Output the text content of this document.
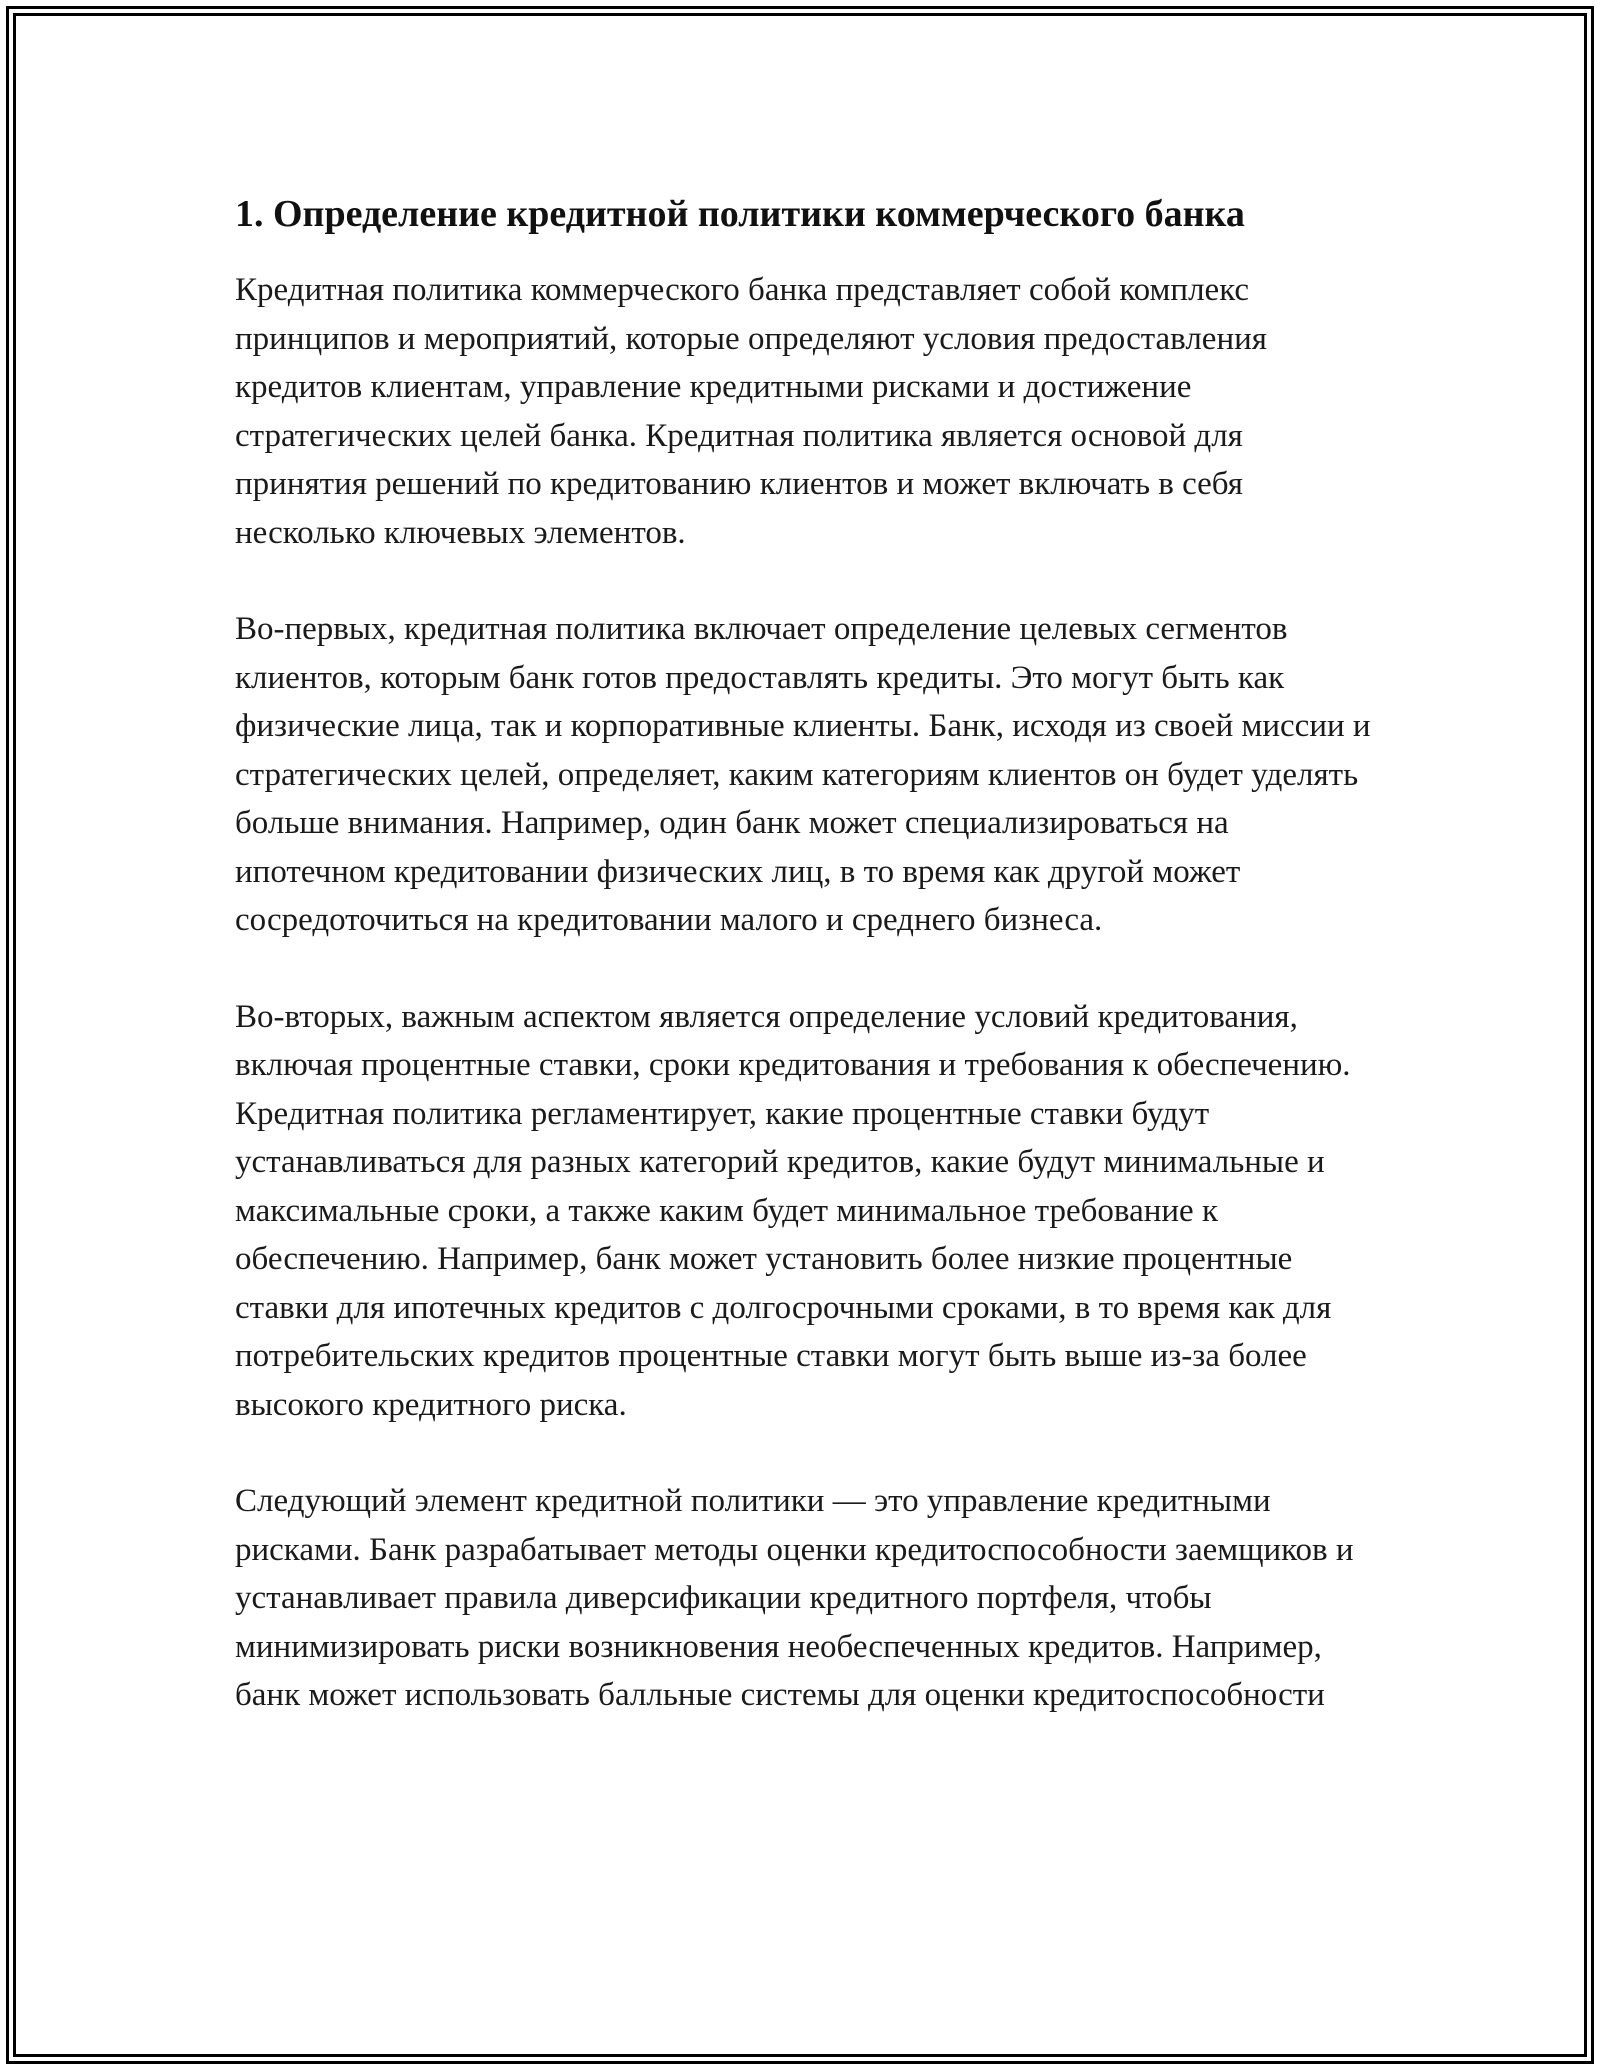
1. Определение кредитной политики коммерческого банка

Кредитная политика коммерческого банка представляет собой комплекс принципов и мероприятий, которые определяют условия предоставления кредитов клиентам, управление кредитными рисками и достижение стратегических целей банка. Кредитная политика является основой для принятия решений по кредитованию клиентов и может включать в себя несколько ключевых элементов.

Во-первых, кредитная политика включает определение целевых сегментов клиентов, которым банк готов предоставлять кредиты. Это могут быть как физические лица, так и корпоративные клиенты. Банк, исходя из своей миссии и стратегических целей, определяет, каким категориям клиентов он будет уделять больше внимания. Например, один банк может специализироваться на ипотечном кредитовании физических лиц, в то время как другой может сосредоточиться на кредитовании малого и среднего бизнеса.

Во-вторых, важным аспектом является определение условий кредитования, включая процентные ставки, сроки кредитования и требования к обеспечению. Кредитная политика регламентирует, какие процентные ставки будут устанавливаться для разных категорий кредитов, какие будут минимальные и максимальные сроки, а также каким будет минимальное требование к обеспечению. Например, банк может установить более низкие процентные ставки для ипотечных кредитов с долгосрочными сроками, в то время как для потребительских кредитов процентные ставки могут быть выше из-за более высокого кредитного риска.

Следующий элемент кредитной политики — это управление кредитными рисками. Банк разрабатывает методы оценки кредитоспособности заемщиков и устанавливает правила диверсификации кредитного портфеля, чтобы минимизировать риски возникновения необеспеченных кредитов. Например, банк может использовать балльные системы для оценки кредитоспособности
